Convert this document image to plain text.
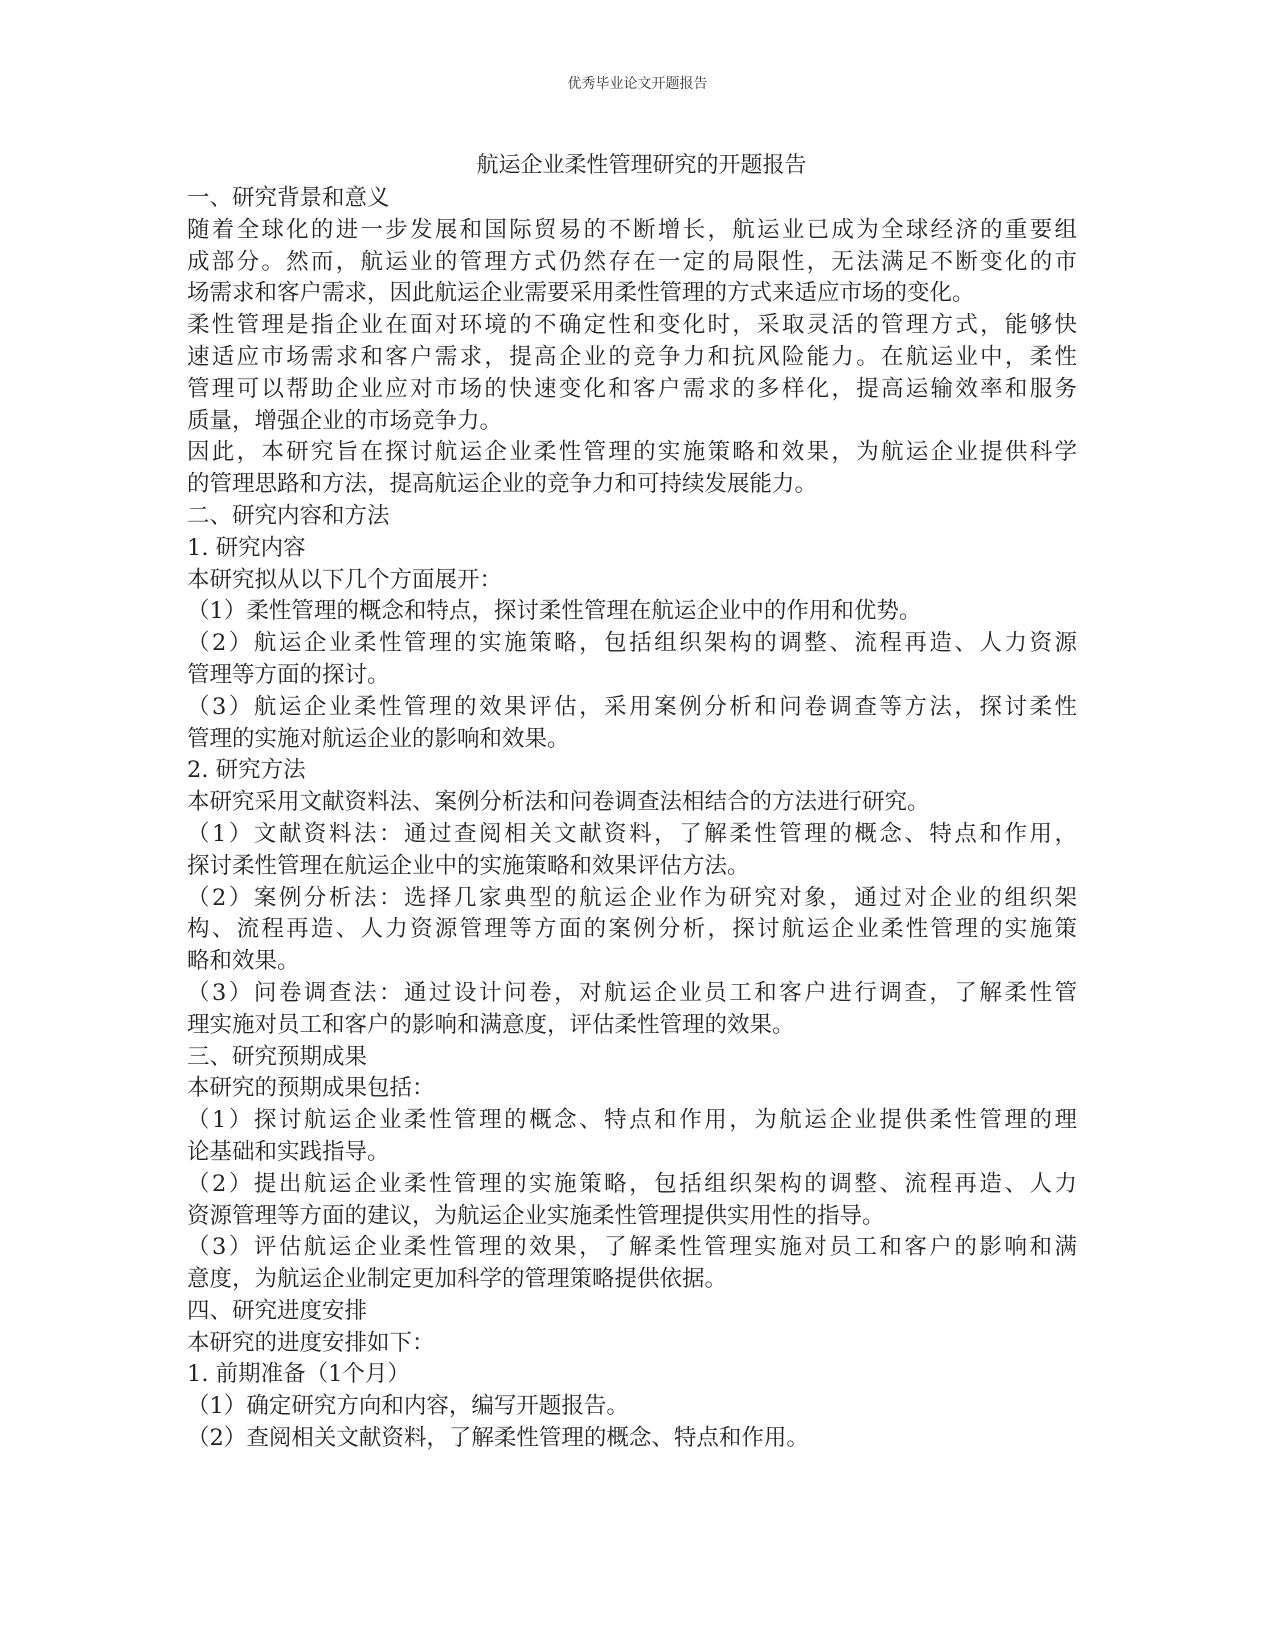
优秀毕业论文开题报告
航运企业柔性管理研究的开题报告
一、研究背景和意义
随着全球化的进一步发展和国际贸易的不断增长，航运业已成为全球经济的重要组
成部分。然而，航运业的管理方式仍然存在一定的局限性，无法满足不断变化的市
场需求和客户需求，因此航运企业需要采用柔性管理的方式来适应市场的变化。
柔性管理是指企业在面对环境的不确定性和变化时，采取灵活的管理方式，能够快
速适应市场需求和客户需求，提高企业的竞争力和抗风险能力。在航运业中，柔性
管理可以帮助企业应对市场的快速变化和客户需求的多样化，提高运输效率和服务
质量，增强企业的市场竞争力。
因此，本研究旨在探讨航运企业柔性管理的实施策略和效果，为航运企业提供科学
的管理思路和方法，提高航运企业的竞争力和可持续发展能力。
二、研究内容和方法
1. 研究内容
本研究拟从以下几个方面展开：
（1）柔性管理的概念和特点，探讨柔性管理在航运企业中的作用和优势。
（2）航运企业柔性管理的实施策略，包括组织架构的调整、流程再造、人力资源
管理等方面的探讨。
（3）航运企业柔性管理的效果评估，采用案例分析和问卷调查等方法，探讨柔性
管理的实施对航运企业的影响和效果。
2. 研究方法
本研究采用文献资料法、案例分析法和问卷调查法相结合的方法进行研究。
（1）文献资料法：通过查阅相关文献资料，了解柔性管理的概念、特点和作用，
探讨柔性管理在航运企业中的实施策略和效果评估方法。
（2）案例分析法：选择几家典型的航运企业作为研究对象，通过对企业的组织架
构、流程再造、人力资源管理等方面的案例分析，探讨航运企业柔性管理的实施策
略和效果。
（3）问卷调查法：通过设计问卷，对航运企业员工和客户进行调查，了解柔性管
理实施对员工和客户的影响和满意度，评估柔性管理的效果。
三、研究预期成果
本研究的预期成果包括：
（1）探讨航运企业柔性管理的概念、特点和作用，为航运企业提供柔性管理的理
论基础和实践指导。
（2）提出航运企业柔性管理的实施策略，包括组织架构的调整、流程再造、人力
资源管理等方面的建议，为航运企业实施柔性管理提供实用性的指导。
（3）评估航运企业柔性管理的效果，了解柔性管理实施对员工和客户的影响和满
意度，为航运企业制定更加科学的管理策略提供依据。
四、研究进度安排
本研究的进度安排如下：
1. 前期准备（1个月）
（1）确定研究方向和内容，编写开题报告。
（2）查阅相关文献资料，了解柔性管理的概念、特点和作用。
